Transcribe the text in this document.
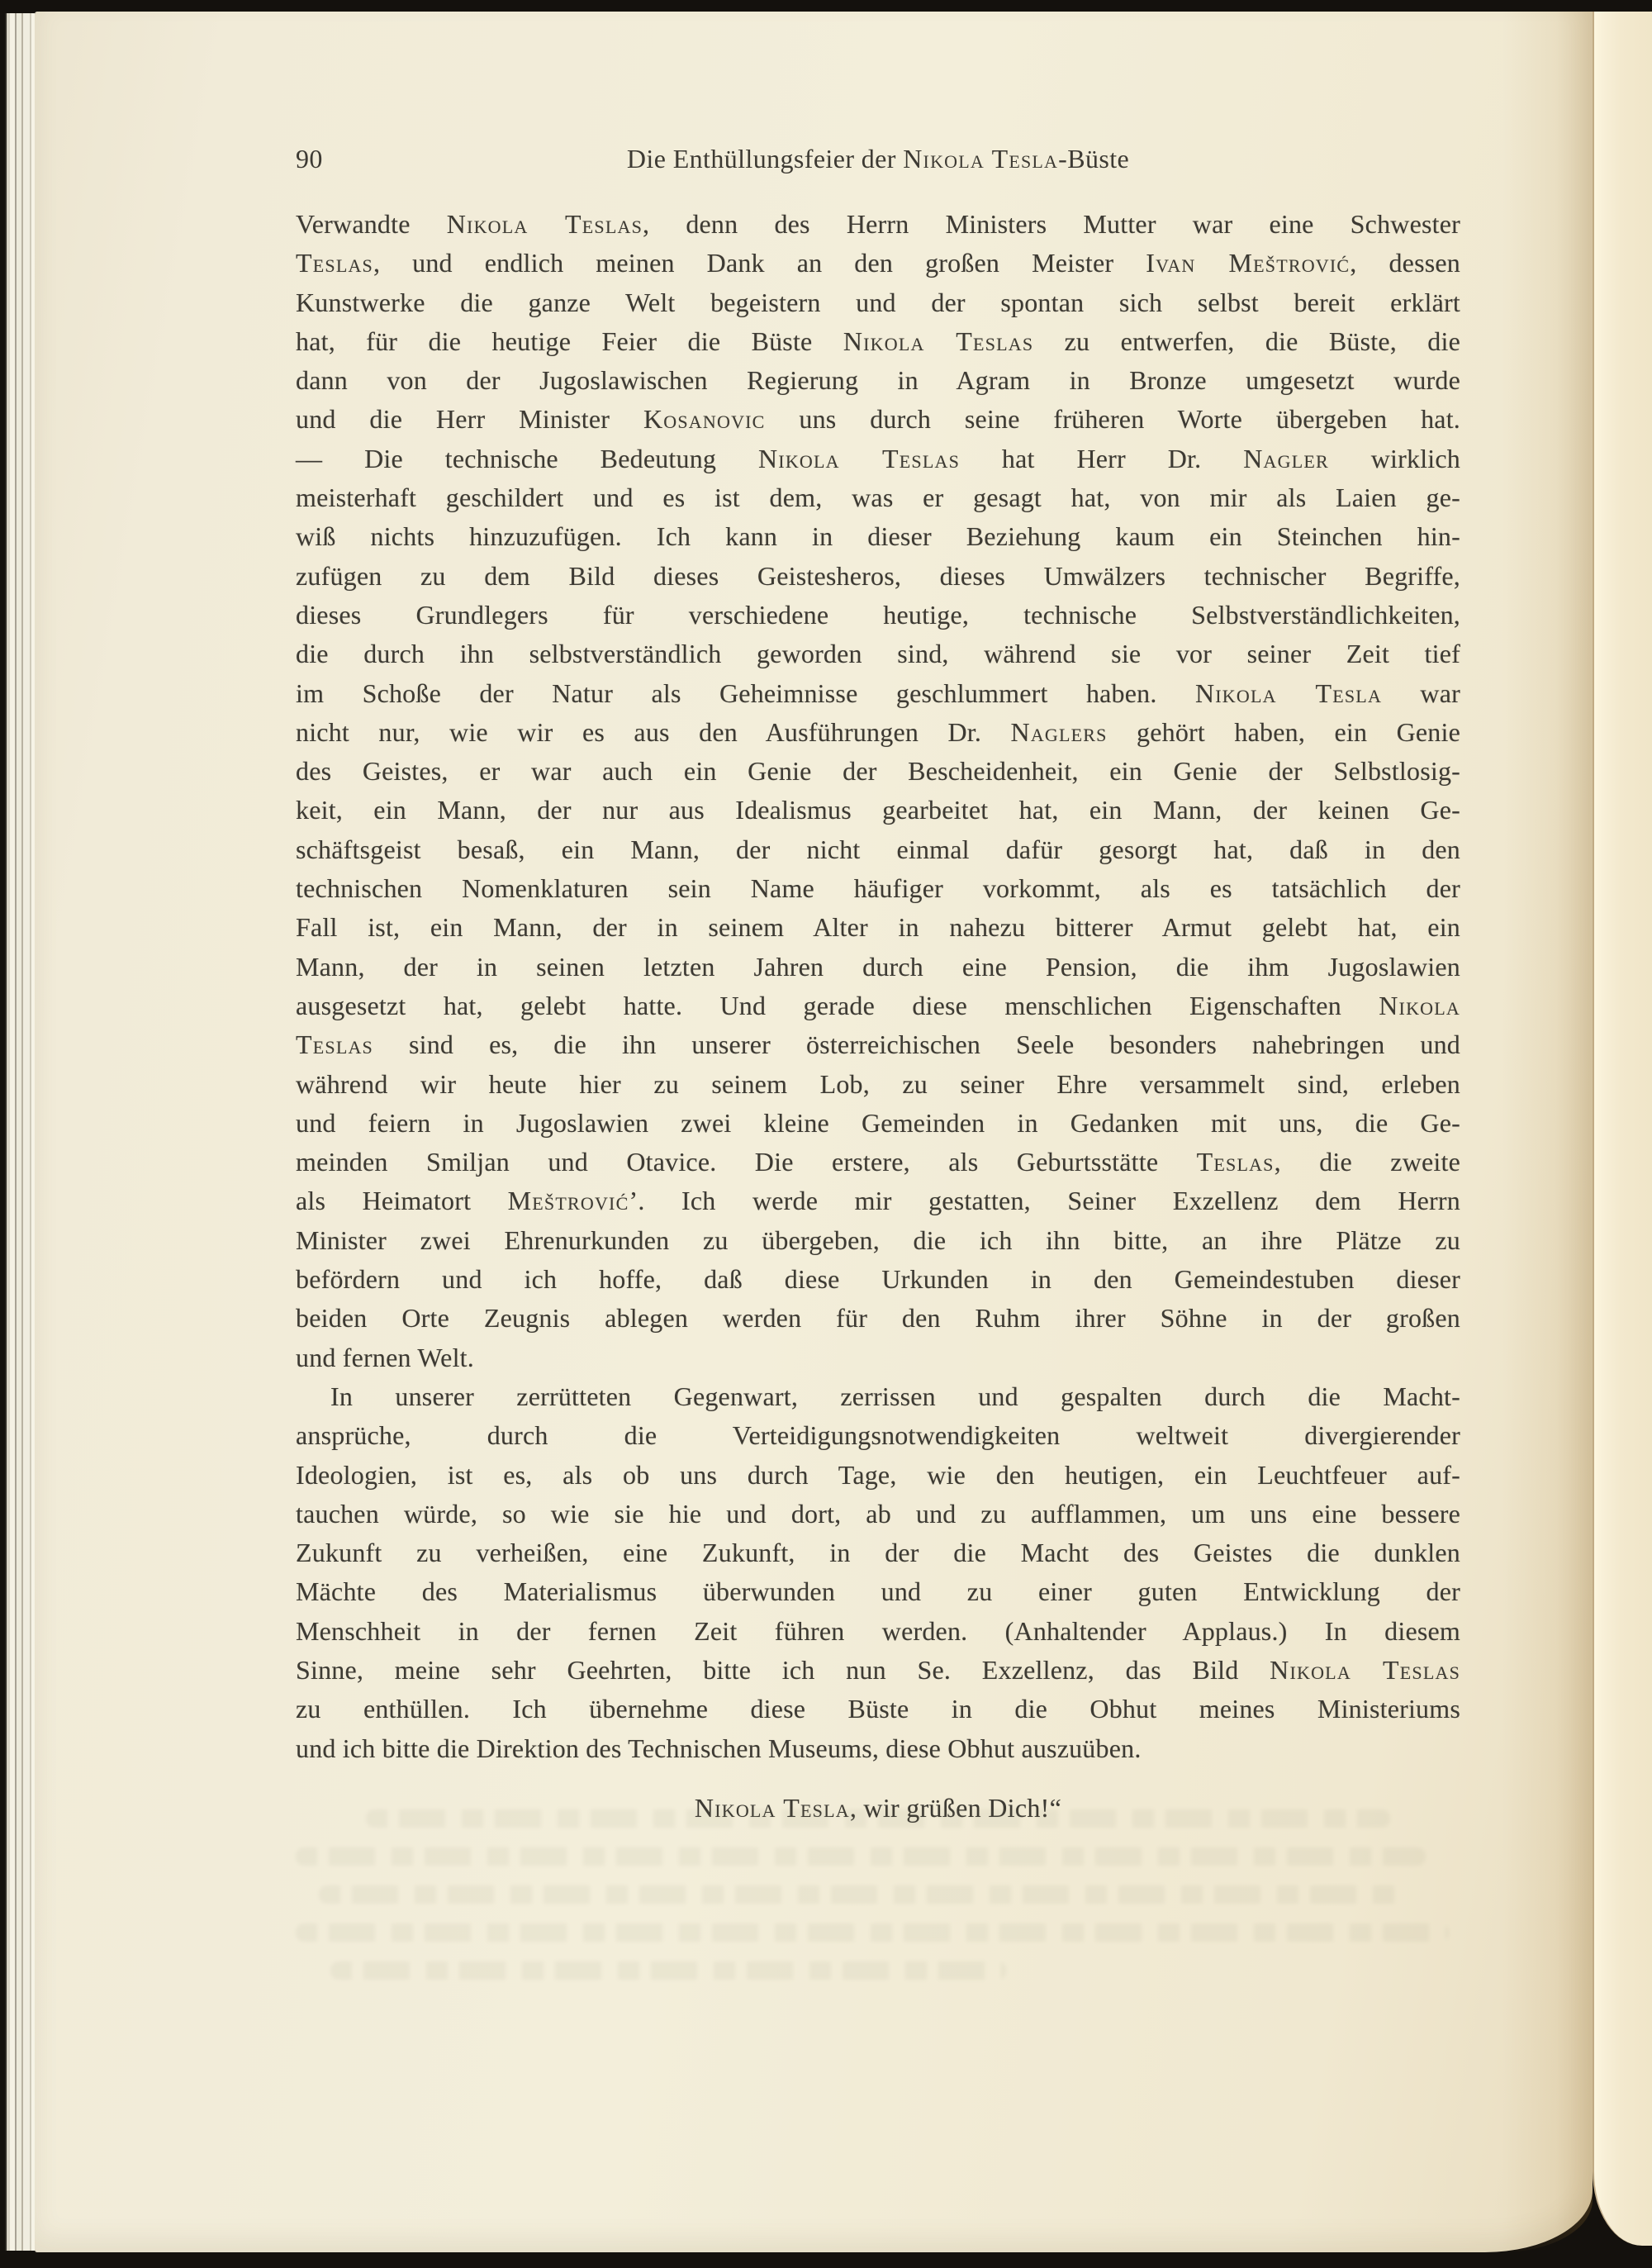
90	Die Enthüllungsfeier der Nikola Tesla-Büste
Verwandte Nikola Teslas, denn des Herrn Ministers Mutter war eine Schwester
Teslas, und endlich meinen Dank an den großen Meister Ivan Meštrović, dessen
Kunstwerke die ganze Welt begeistern und der spontan sich selbst bereit erklärt
hat, für die heutige Feier die Büste Nikola Teslas zu entwerfen, die Büste, die
dann von der Jugoslawischen Regierung in Agram in Bronze umgesetzt wurde
und die Herr Minister Kosanovic uns durch seine früheren Worte übergeben hat.
— Die technische Bedeutung Nikola Teslas hat Herr Dr. Nagler wirklich
meisterhaft geschildert und es ist dem, was er gesagt hat, von mir als Laien ge-
wiß nichts hinzuzufügen. Ich kann in dieser Beziehung kaum ein Steinchen hin-
zufügen zu dem Bild dieses Geistesheros, dieses Umwälzers technischer Begriffe,
dieses Grundlegers für verschiedene heutige, technische Selbstverständlichkeiten,
die durch ihn selbstverständlich geworden sind, während sie vor seiner Zeit tief
im Schoße der Natur als Geheimnisse geschlummert haben. Nikola Tesla war
nicht nur, wie wir es aus den Ausführungen Dr. Naglers gehört haben, ein Genie
des Geistes, er war auch ein Genie der Bescheidenheit, ein Genie der Selbstlosig-
keit, ein Mann, der nur aus Idealismus gearbeitet hat, ein Mann, der keinen Ge-
schäftsgeist besaß, ein Mann, der nicht einmal dafür gesorgt hat, daß in den
technischen Nomenklaturen sein Name häufiger vorkommt, als es tatsächlich der
Fall ist, ein Mann, der in seinem Alter in nahezu bitterer Armut gelebt hat, ein
Mann, der in seinen letzten Jahren durch eine Pension, die ihm Jugoslawien
ausgesetzt hat, gelebt hatte. Und gerade diese menschlichen Eigenschaften Nikola
Teslas sind es, die ihn unserer österreichischen Seele besonders nahebringen und
während wir heute hier zu seinem Lob, zu seiner Ehre versammelt sind, erleben
und feiern in Jugoslawien zwei kleine Gemeinden in Gedanken mit uns, die Ge-
meinden Smiljan und Otavice. Die erstere, als Geburtsstätte Teslas, die zweite
als Heimatort Meštrović’. Ich werde mir gestatten, Seiner Exzellenz dem Herrn
Minister zwei Ehrenurkunden zu übergeben, die ich ihn bitte, an ihre Plätze zu
befördern und ich hoffe, daß diese Urkunden in den Gemeindestuben dieser
beiden Orte Zeugnis ablegen werden für den Ruhm ihrer Söhne in der großen
und fernen Welt.
In unserer zerrütteten Gegenwart, zerrissen und gespalten durch die Macht-
ansprüche, durch die Verteidigungsnotwendigkeiten weltweit divergierender
Ideologien, ist es, als ob uns durch Tage, wie den heutigen, ein Leuchtfeuer auf-
tauchen würde, so wie sie hie und dort, ab und zu aufflammen, um uns eine bessere
Zukunft zu verheißen, eine Zukunft, in der die Macht des Geistes die dunklen
Mächte des Materialismus überwunden und zu einer guten Entwicklung der
Menschheit in der fernen Zeit führen werden. (Anhaltender Applaus.) In diesem
Sinne, meine sehr Geehrten, bitte ich nun Se. Exzellenz, das Bild Nikola Teslas
zu enthüllen. Ich übernehme diese Büste in die Obhut meines Ministeriums
und ich bitte die Direktion des Technischen Museums, diese Obhut auszuüben.
Nikola Tesla, wir grüßen Dich!“
